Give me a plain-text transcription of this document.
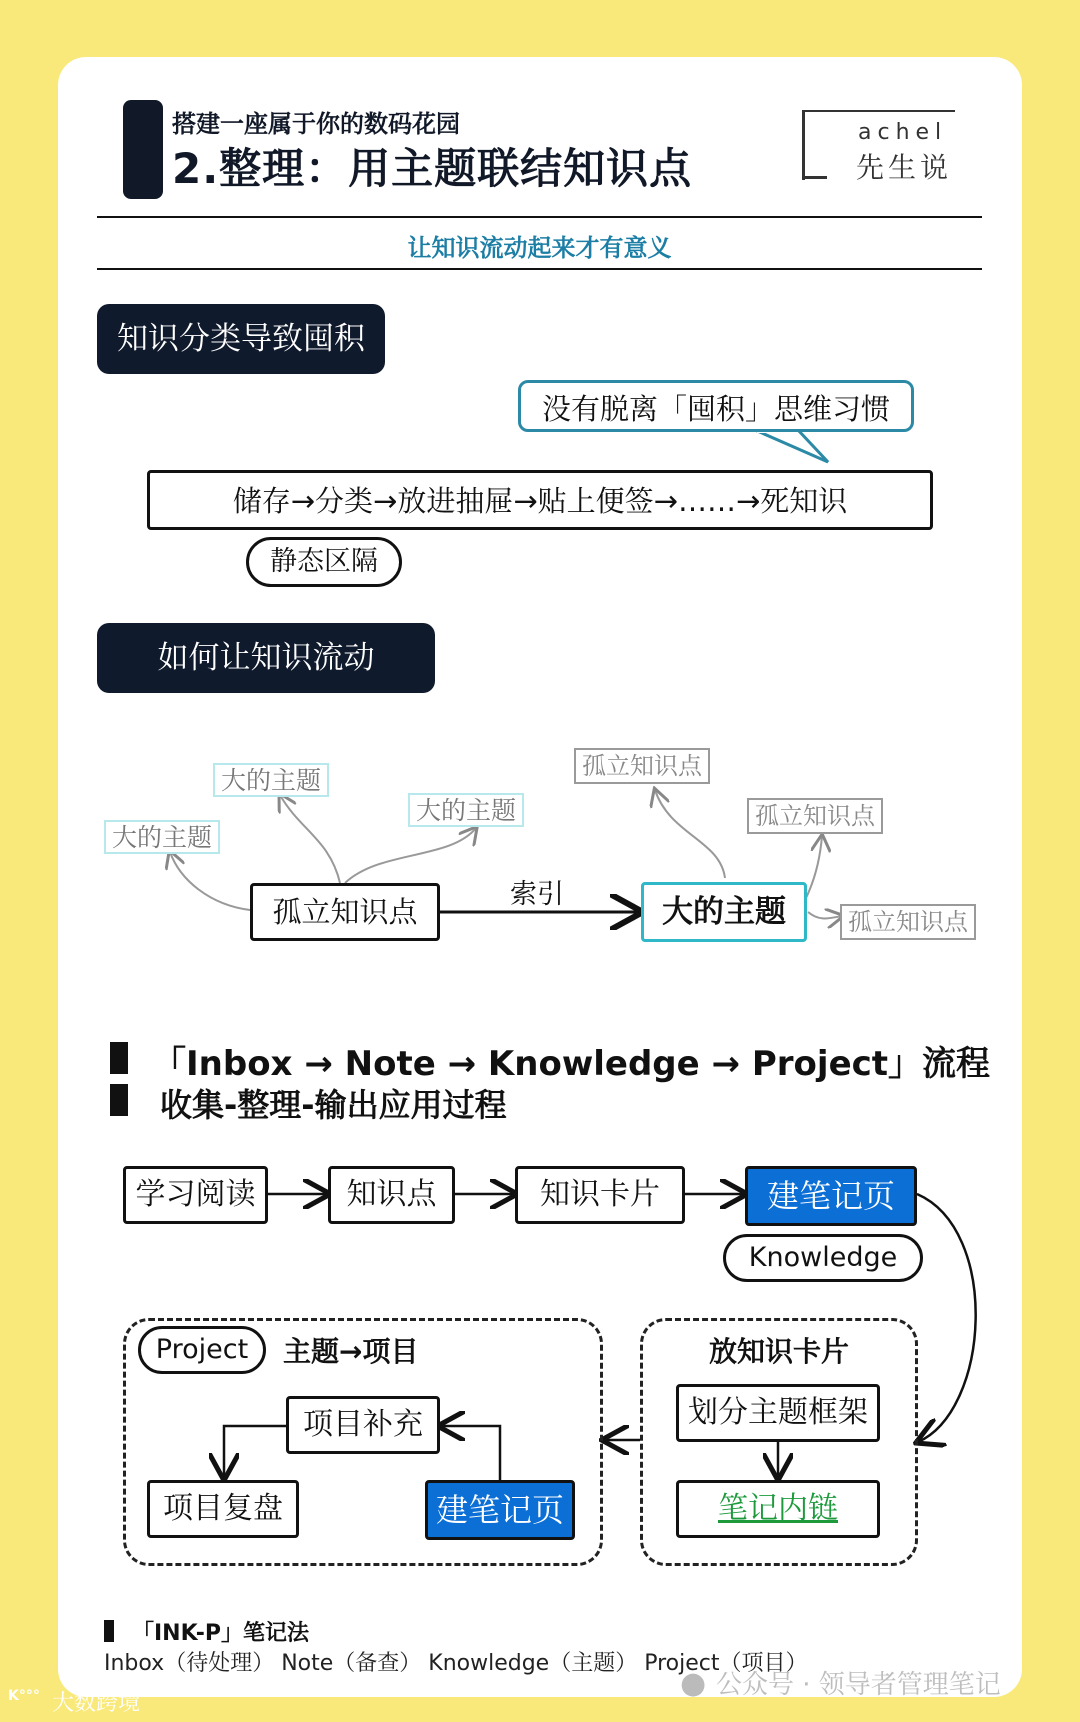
搭建一座属于你的数码花园
2.整理：用主题联结知识点
achel
先生说
让知识流动起来才有意义
知识分类导致囤积
没有脱离「囤积」思维习惯
储存→分类→放进抽屉→贴上便签→……→死知识
静态区隔
如何让知识流动
大的主题
大的主题
大的主题
孤立知识点
索引	大的主题
孤立知识点
孤立知识点
孤立知识点
「Inbox → Note → Knowledge → Project」流程
收集-整理-输出应用过程
学习阅读	知识点	知识卡片	建笔记页
Knowledge
Project	主题→项目
项目补充
项目复盘	建笔记页
放知识卡片
划分主题框架
笔记内链
「INK-P」笔记法
Inbox（待处理） Note（备查） Knowledge（主题） Project（项目）
● 公众号 · 领导者管理笔记
K°°° 大数跨境
